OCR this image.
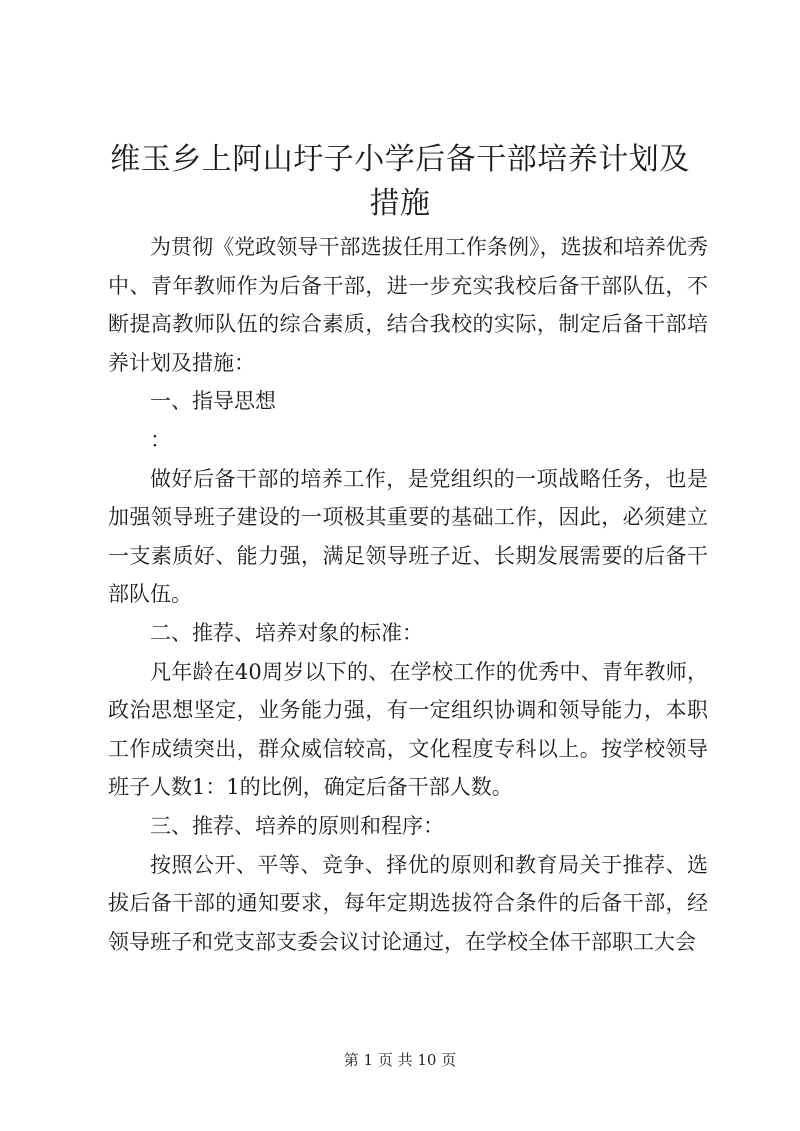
维玉乡上阿山圩子小学后备干部培养计划及措施

为贯彻《党政领导干部选拔任用工作条例》，选拔和培养优秀中、青年教师作为后备干部，进一步充实我校后备干部队伍，不断提高教师队伍的综合素质，结合我校的实际，制定后备干部培养计划及措施：

一、指导思想

：

做好后备干部的培养工作，是党组织的一项战略任务，也是加强领导班子建设的一项极其重要的基础工作，因此，必须建立一支素质好、能力强，满足领导班子近、长期发展需要的后备干部队伍。

二、推荐、培养对象的标准：

凡年龄在40周岁以下的、在学校工作的优秀中、青年教师，政治思想坚定，业务能力强，有一定组织协调和领导能力，本职工作成绩突出，群众威信较高，文化程度专科以上。按学校领导班子人数1：1的比例，确定后备干部人数。

三、推荐、培养的原则和程序：

按照公开、平等、竞争、择优的原则和教育局关于推荐、选拔后备干部的通知要求，每年定期选拔符合条件的后备干部，经领导班子和党支部支委会议讨论通过，在学校全体干部职工大会

第 1 页 共 10 页
